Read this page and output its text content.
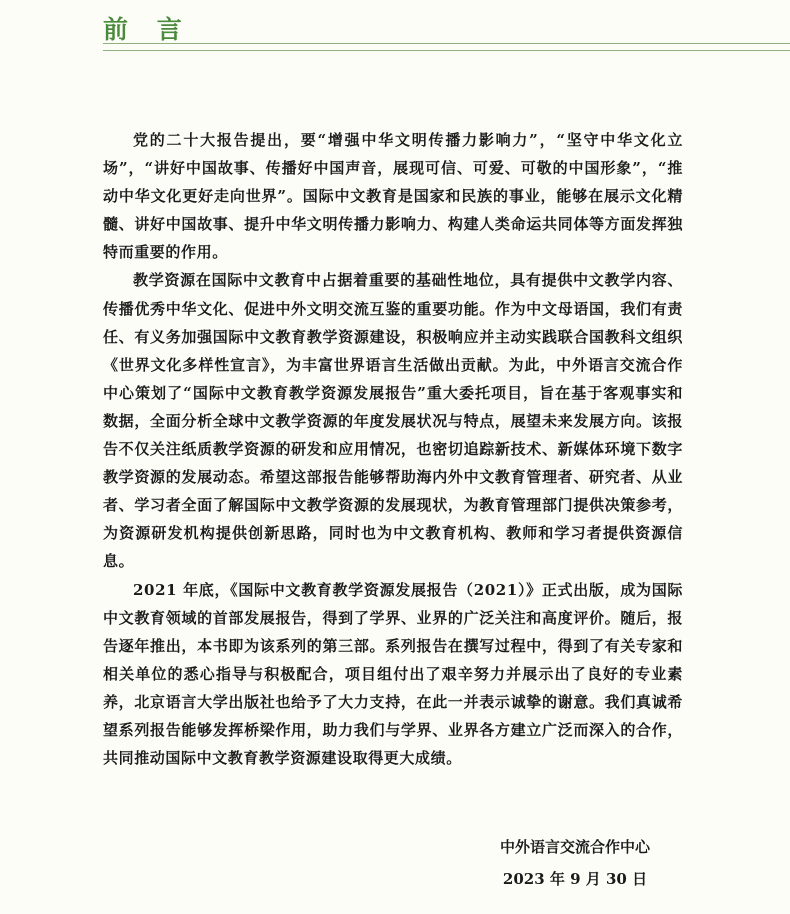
前 言

党的二十大报告提出，要“增强中华文明传播力影响力”，“坚守中华文化立场”，“讲好中国故事、传播好中国声音，展现可信、可爱、可敬的中国形象”，“推动中华文化更好走向世界”。国际中文教育是国家和民族的事业，能够在展示文化精髓、讲好中国故事、提升中华文明传播力影响力、构建人类命运共同体等方面发挥独特而重要的作用。

教学资源在国际中文教育中占据着重要的基础性地位，具有提供中文教学内容、传播优秀中华文化、促进中外文明交流互鉴的重要功能。作为中文母语国，我们有责任、有义务加强国际中文教育教学资源建设，积极响应并主动实践联合国教科文组织《世界文化多样性宣言》，为丰富世界语言生活做出贡献。为此，中外语言交流合作中心策划了“国际中文教育教学资源发展报告”重大委托项目，旨在基于客观事实和数据，全面分析全球中文教学资源的年度发展状况与特点，展望未来发展方向。该报告不仅关注纸质教学资源的研发和应用情况，也密切追踪新技术、新媒体环境下数字教学资源的发展动态。希望这部报告能够帮助海内外中文教育管理者、研究者、从业者、学习者全面了解国际中文教学资源的发展现状，为教育管理部门提供决策参考，为资源研发机构提供创新思路，同时也为中文教育机构、教师和学习者提供资源信息。

2021 年底，《国际中文教育教学资源发展报告（2021）》正式出版，成为国际中文教育领域的首部发展报告，得到了学界、业界的广泛关注和高度评价。随后，报告逐年推出，本书即为该系列的第三部。系列报告在撰写过程中，得到了有关专家和相关单位的悉心指导与积极配合，项目组付出了艰辛努力并展示出了良好的专业素养，北京语言大学出版社也给予了大力支持，在此一并表示诚挚的谢意。我们真诚希望系列报告能够发挥桥梁作用，助力我们与学界、业界各方建立广泛而深入的合作，共同推动国际中文教育教学资源建设取得更大成绩。

中外语言交流合作中心
2023 年 9 月 30 日
